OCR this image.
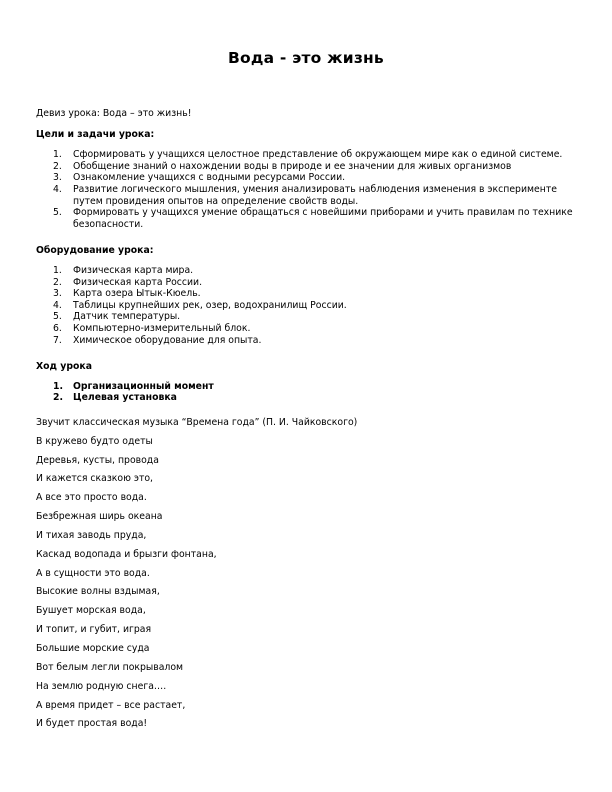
Вода - это жизнь

Девиз урока: Вода – это жизнь!

Цели и задачи урока:

1. Сформировать у учащихся целостное представление об окружающем мире как о единой системе.
2. Обобщение знаний о нахождении воды в природе и ее значении для живых организмов
3. Ознакомление учащихся с водными ресурсами России.
4. Развитие логического мышления, умения анализировать наблюдения изменения в эксперименте путем провидения опытов на определение свойств воды.
5. Формировать у учащихся умение обращаться с новейшими приборами и учить правилам по технике безопасности.

Оборудование урока:

1. Физическая карта мира.
2. Физическая карта России.
3. Карта озера Ытык-Кюель.
4. Таблицы крупнейших рек, озер, водохранилищ России.
5. Датчик температуры.
6. Компьютерно-измерительный блок.
7. Химическое оборудование для опыта.

Ход урока

1. Организационный момент
2. Целевая установка

Звучит классическая музыка “Времена года” (П. И. Чайковского)

В кружево будто одеты

Деревья, кусты, провода

И кажется сказкою это,

А все это просто вода.

Безбрежная ширь океана

И тихая заводь пруда,

Каскад водопада и брызги фонтана,

А в сущности это вода.

Высокие волны вздымая,

Бушует морская вода,

И топит, и губит, играя

Большие морские суда

Вот белым легли покрывалом

На землю родную снега….

А время придет – все растает,

И будет простая вода!
